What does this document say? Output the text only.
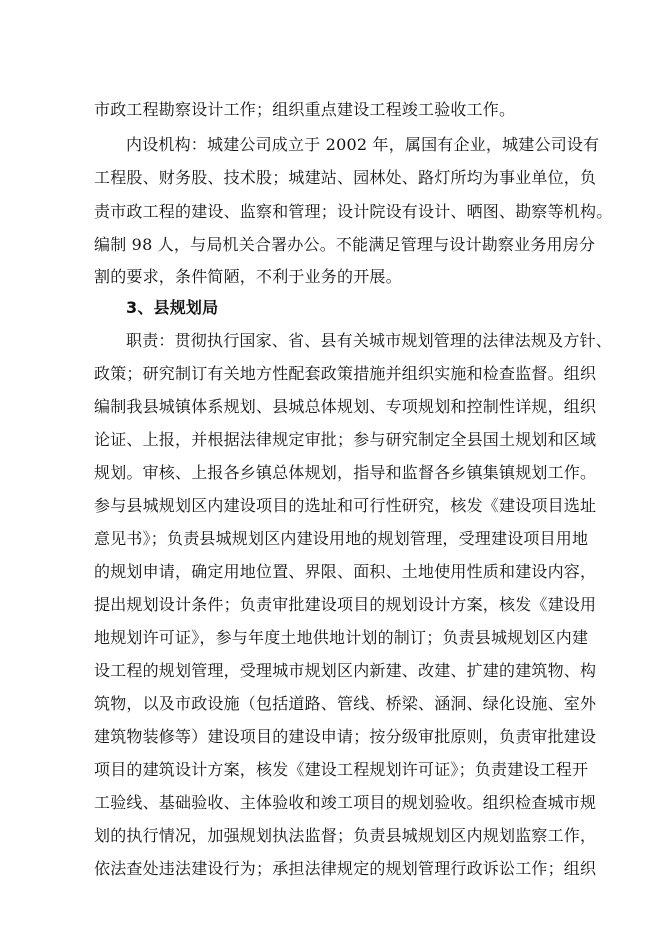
市政工程勘察设计工作；组织重点建设工程竣工验收工作。
内设机构：城建公司成立于 2002 年，属国有企业，城建公司设有
工程股、财务股、技术股；城建站、园林处、路灯所均为事业单位，负
责市政工程的建设、监察和管理；设计院设有设计、晒图、勘察等机构。
编制 98 人，与局机关合署办公。不能满足管理与设计勘察业务用房分
割的要求，条件简陋，不利于业务的开展。
3、县规划局
职责：贯彻执行国家、省、县有关城市规划管理的法律法规及方针、
政策；研究制订有关地方性配套政策措施并组织实施和检查监督。组织
编制我县城镇体系规划、县城总体规划、专项规划和控制性详规，组织
论证、上报，并根据法律规定审批；参与研究制定全县国土规划和区域
规划。审核、上报各乡镇总体规划，指导和监督各乡镇集镇规划工作。
参与县城规划区内建设项目的选址和可行性研究，核发《建设项目选址
意见书》；负责县城规划区内建设用地的规划管理，受理建设项目用地
的规划申请，确定用地位置、界限、面积、土地使用性质和建设内容，
提出规划设计条件；负责审批建设项目的规划设计方案，核发《建设用
地规划许可证》，参与年度土地供地计划的制订；负责县城规划区内建
设工程的规划管理，受理城市规划区内新建、改建、扩建的建筑物、构
筑物，以及市政设施（包括道路、管线、桥梁、涵洞、绿化设施、室外
建筑物装修等）建设项目的建设申请；按分级审批原则，负责审批建设
项目的建筑设计方案，核发《建设工程规划许可证》；负责建设工程开
工验线、基础验收、主体验收和竣工项目的规划验收。组织检查城市规
划的执行情况，加强规划执法监督；负责县城规划区内规划监察工作，
依法查处违法建设行为；承担法律规定的规划管理行政诉讼工作；组织
